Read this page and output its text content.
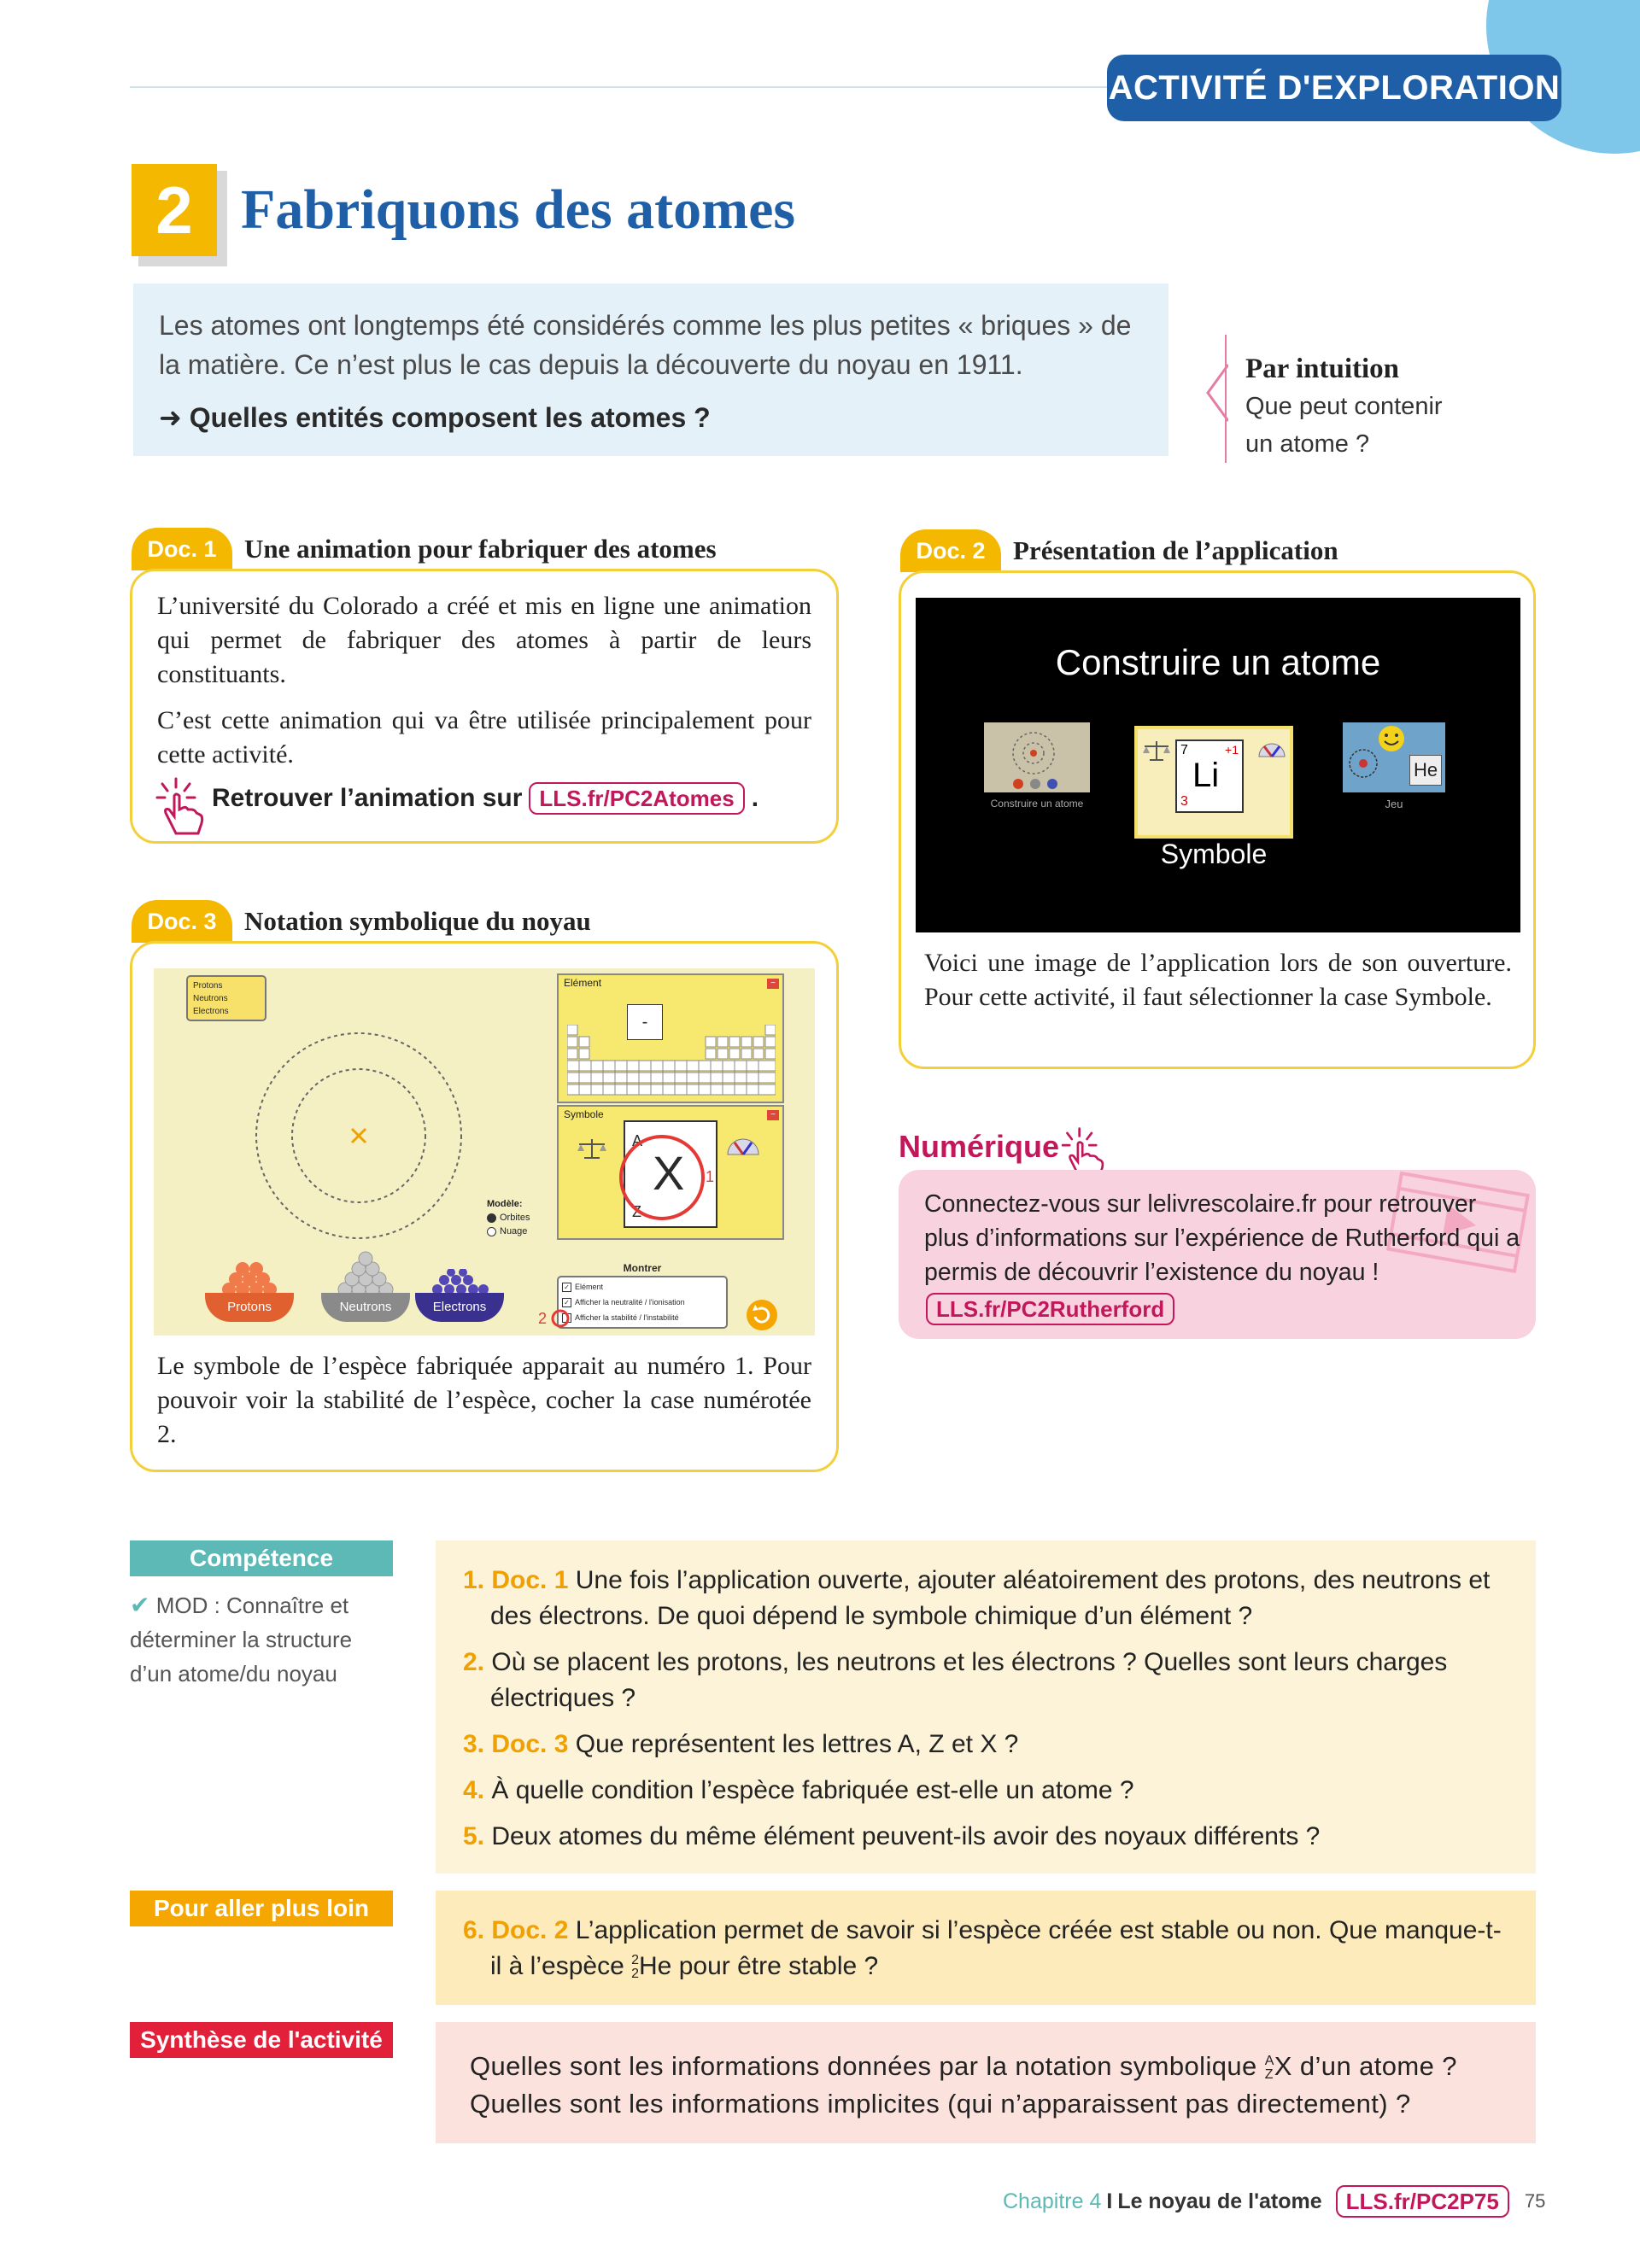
ACTIVITÉ D'EXPLORATION
2 Fabriquons des atomes

Les atomes ont longtemps été considérés comme les plus petites « briques » de la matière. Ce n’est plus le cas depuis la découverte du noyau en 1911.

➜ Quelles entités composent les atomes ?

Par intuition
Que peut contenir
un atome ?
Doc. 1	Une animation pour fabriquer des atomes

L’université du Colorado a créé et mis en ligne une animation qui permet de fabriquer des atomes à partir de leurs constituants.

C’est cette animation qui va être utilisée principalement pour cette activité.

Retrouver l’animation sur LLS.fr/PC2Atomes .
Doc. 2	Présentation de l’application
Construire un atome
Construire un atome
7	+1
Li
3
Symbole
He
Jeu
Voici une image de l’application lors de son ouverture. Pour cette activité, il faut sélectionner la case Symbole.
Doc. 3	Notation symbolique du noyau
Protons
Neutrons
Electrons
Elément	−
-
Symbole	−
A
Z
X 1
Modèle:
Orbites
Nuage
Montrer
✓ Elément
✓ Afficher la neutralité / l'ionisation
Afficher la stabilité / l'instabilité
2
Protons	Neutrons	Electrons
Le symbole de l’espèce fabriquée apparait au numéro 1. Pour pouvoir voir la stabilité de l’espèce, cocher la case numérotée 2.
Numérique
Connectez-vous sur lelivrescolaire.fr pour retrouver plus d’informations sur l’expérience de Rutherford qui a permis de découvrir l’existence du noyau !
LLS.fr/PC2Rutherford
Compétence
✔ MOD : Connaître et déterminer la structure d’un atome/du noyau
1. Doc. 1 Une fois l’application ouverte, ajouter aléatoirement des protons, des neutrons et des électrons. De quoi dépend le symbole chimique d’un élément ?
2. Où se placent les protons, les neutrons et les électrons ? Quelles sont leurs charges électriques ?
3. Doc. 3 Que représentent les lettres A, Z et X ?
4. À quelle condition l’espèce fabriquée est-elle un atome ?
5. Deux atomes du même élément peuvent-ils avoir des noyaux différents ?
Pour aller plus loin
6. Doc. 2 L’application permet de savoir si l’espèce créée est stable ou non. Que manque-t-il à l’espèce 2
2 He pour être stable ?
Synthèse de l'activité
Quelles sont les informations données par la notation symbolique A
Z X d’un atome ? Quelles sont les informations implicites (qui n’apparaissent pas directement) ?
Chapitre 4 I Le noyau de l'atome	LLS.fr/PC2P75	75
